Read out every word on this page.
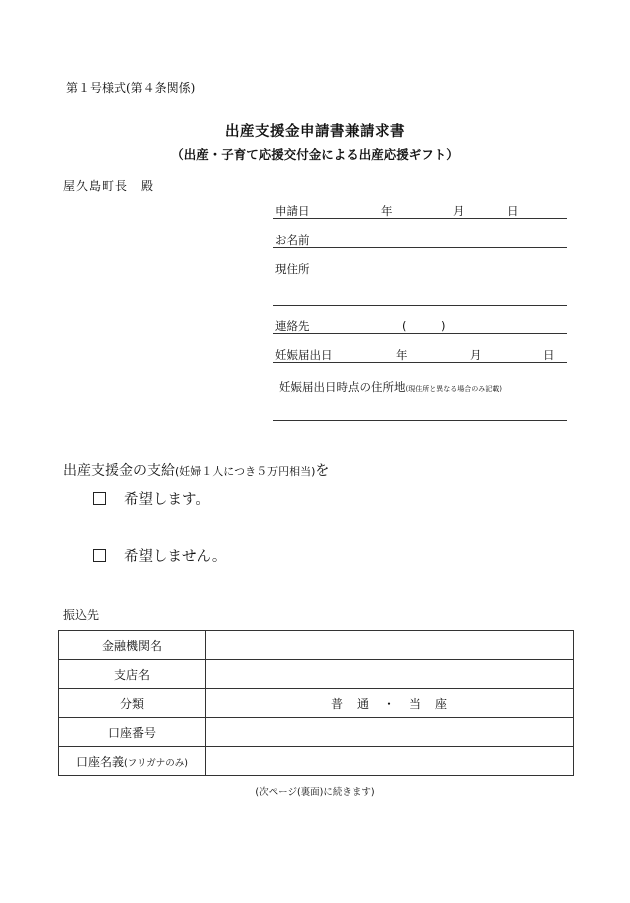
第１号様式(第４条関係)
出産支援金申請書兼請求書
（出産・子育て応援交付金による出産応援ギフト）
屋久島町長　殿
申請日	年	月	日
お名前
現住所
連絡先	(　　　)
妊娠届出日	年	月	日
妊娠届出日時点の住所地(現住所と異なる場合のみ記載)
出産支援金の支給(妊婦１人につき５万円相当)を
希望します。
希望しません。
振込先
金融機関名	
支店名	
分類	普　通　・　当　座
口座番号	
口座名義(フリガナのみ)	
(次ページ(裏面)に続きます)
